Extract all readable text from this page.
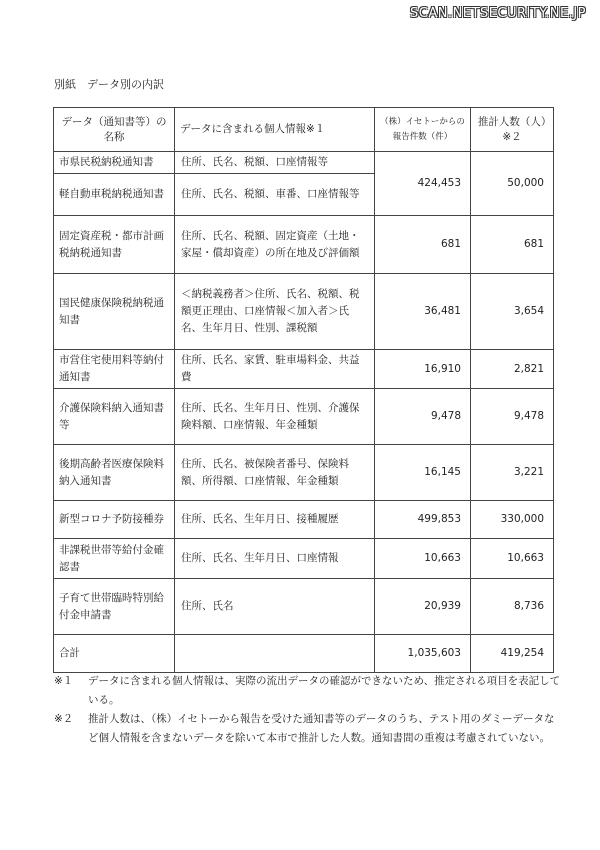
SCAN.NETSECURITY.NE.JP
別紙　データ別の内訳
データ（通知書等）の名称	データに含まれる個人情報※１	（株）イセトーからの報告件数（件）	推計人数（人）※２
市県民税納税通知書	住所、氏名、税額、口座情報等	424,453	50,000
軽自動車税納税通知書	住所、氏名、税額、車番、口座情報等		
固定資産税・都市計画税納税通知書	住所、氏名、税額、固定資産（土地・家屋・償却資産）の所在地及び評価額	681	681
国民健康保険税納税通知書	＜納税義務者＞住所、氏名、税額、税額更正理由、口座情報＜加入者＞氏名、生年月日、性別、課税額	36,481	3,654
市営住宅使用料等納付通知書	住所、氏名、家賃、駐車場料金、共益費	16,910	2,821
介護保険料納入通知書等	住所、氏名、生年月日、性別、介護保険料額、口座情報、年金種類	9,478	9,478
後期高齢者医療保険料納入通知書	住所、氏名、被保険者番号、保険料額、所得額、口座情報、年金種類	16,145	3,221
新型コロナ予防接種券	住所、氏名、生年月日、接種履歴	499,853	330,000
非課税世帯等給付金確認書	住所、氏名、生年月日、口座情報	10,663	10,663
子育て世帯臨時特別給付金申請書	住所、氏名	20,939	8,736
合計		1,035,603	419,254
※１	データに含まれる個人情報は、実際の流出データの確認ができないため、推定される項目を表記している。
※２	推計人数は、（株）イセトーから報告を受けた通知書等のデータのうち、テスト用のダミーデータなど個人情報を含まないデータを除いて本市で推計した人数。通知書間の重複は考慮されていない。
